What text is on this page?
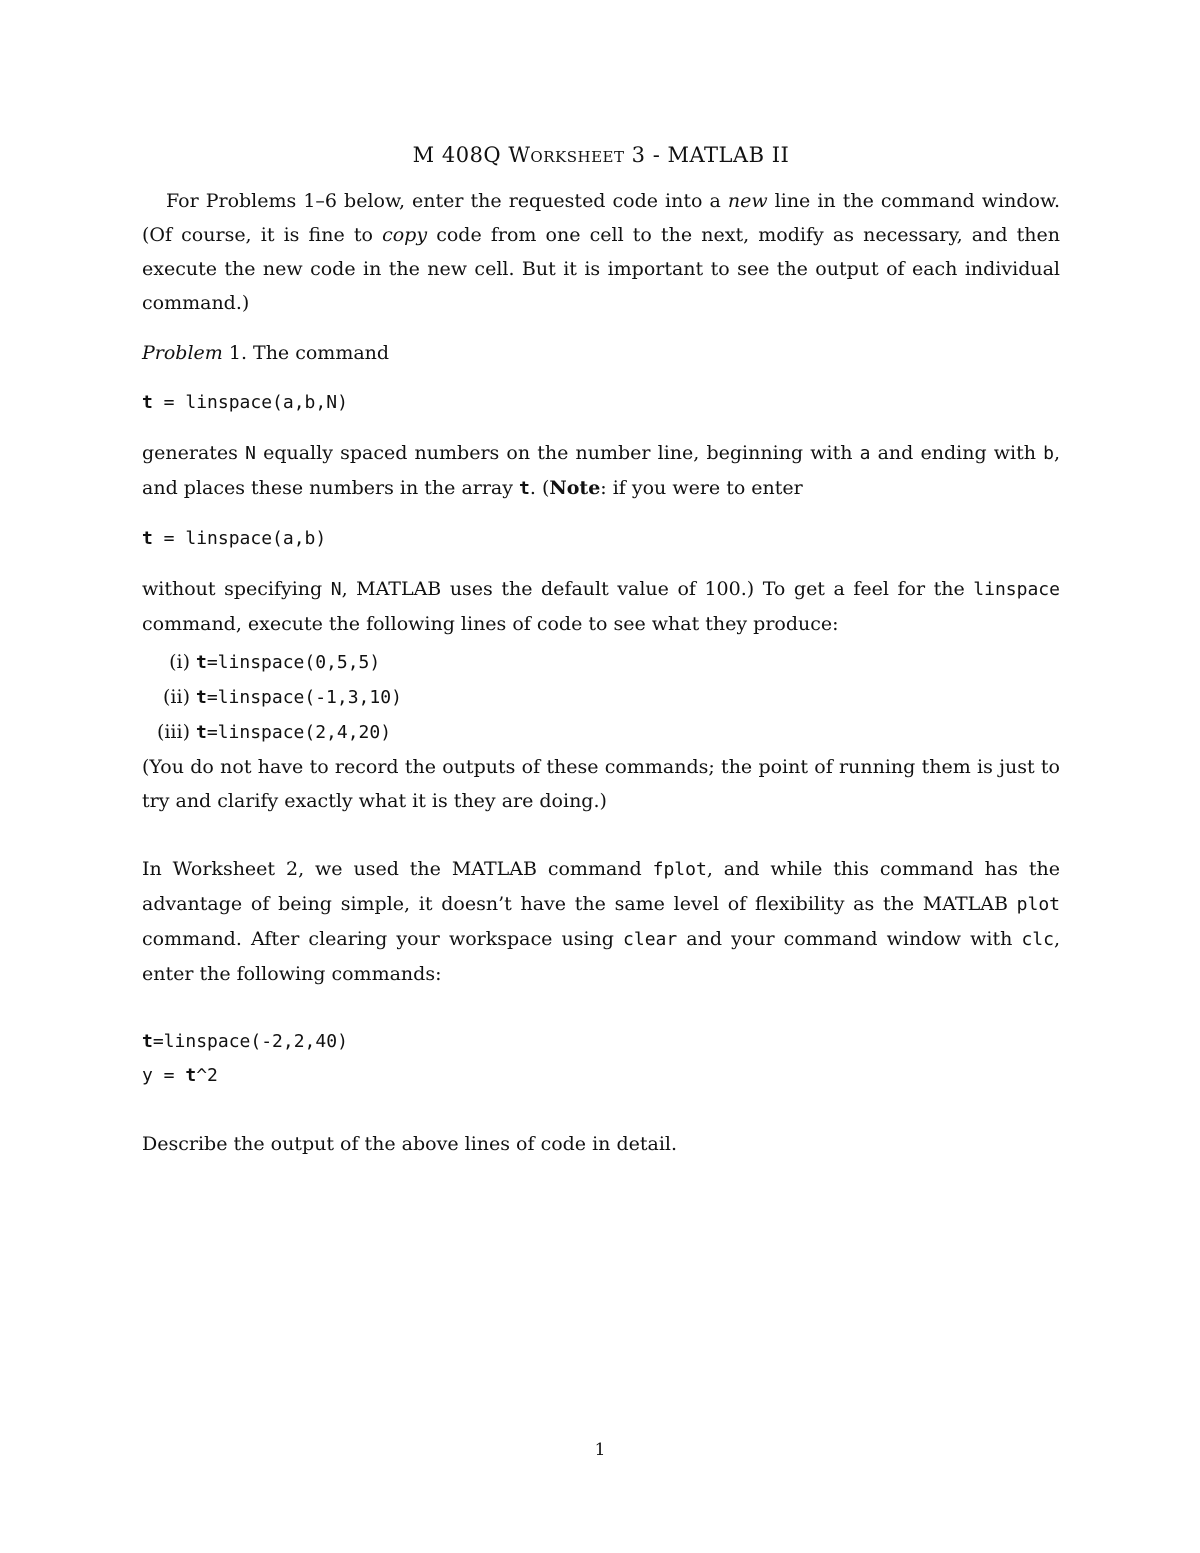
M 408Q Worksheet 3 - MATLAB II

For Problems 1–6 below, enter the requested code into a new line in the command window. (Of course, it is fine to copy code from one cell to the next, modify as necessary, and then execute the new code in the new cell. But it is important to see the output of each individual command.)

Problem 1. The command

t = linspace(a,b,N)

generates N equally spaced numbers on the number line, beginning with a and ending with b, and places these numbers in the array t. (Note: if you were to enter

t = linspace(a,b)

without specifying N, MATLAB uses the default value of 100.) To get a feel for the linspace command, execute the following lines of code to see what they produce:

(i) t=linspace(0,5,5)
(ii) t=linspace(-1,3,10)
(iii) t=linspace(2,4,20)

(You do not have to record the outputs of these commands; the point of running them is just to try and clarify exactly what it is they are doing.)

In Worksheet 2, we used the MATLAB command fplot, and while this command has the advantage of being simple, it doesn’t have the same level of flexibility as the MATLAB plot command. After clearing your workspace using clear and your command window with clc, enter the following commands:

t=linspace(-2,2,40)
y = t^2

Describe the output of the above lines of code in detail.

1
